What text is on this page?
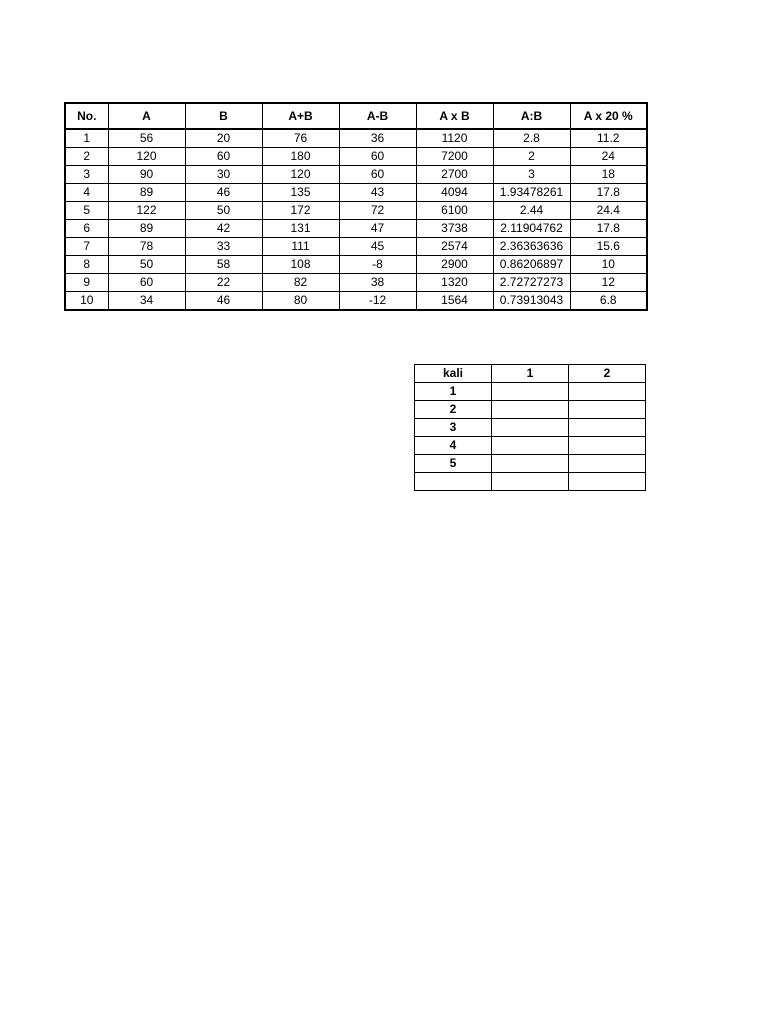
No.	A	B	A+B	A-B	A x B	A:B	A x 20 %
1	56	20	76	36	1120	2.8	11.2
2	120	60	180	60	7200	2	24
3	90	30	120	60	2700	3	18
4	89	46	135	43	4094	1.93478261	17.8
5	122	50	172	72	6100	2.44	24.4
6	89	42	131	47	3738	2.11904762	17.8
7	78	33	111	45	2574	2.36363636	15.6
8	50	58	108	-8	2900	0.86206897	10
9	60	22	82	38	1320	2.72727273	12
10	34	46	80	-12	1564	0.73913043	6.8
kali	1	2
1		
2		
3		
4		
5		
